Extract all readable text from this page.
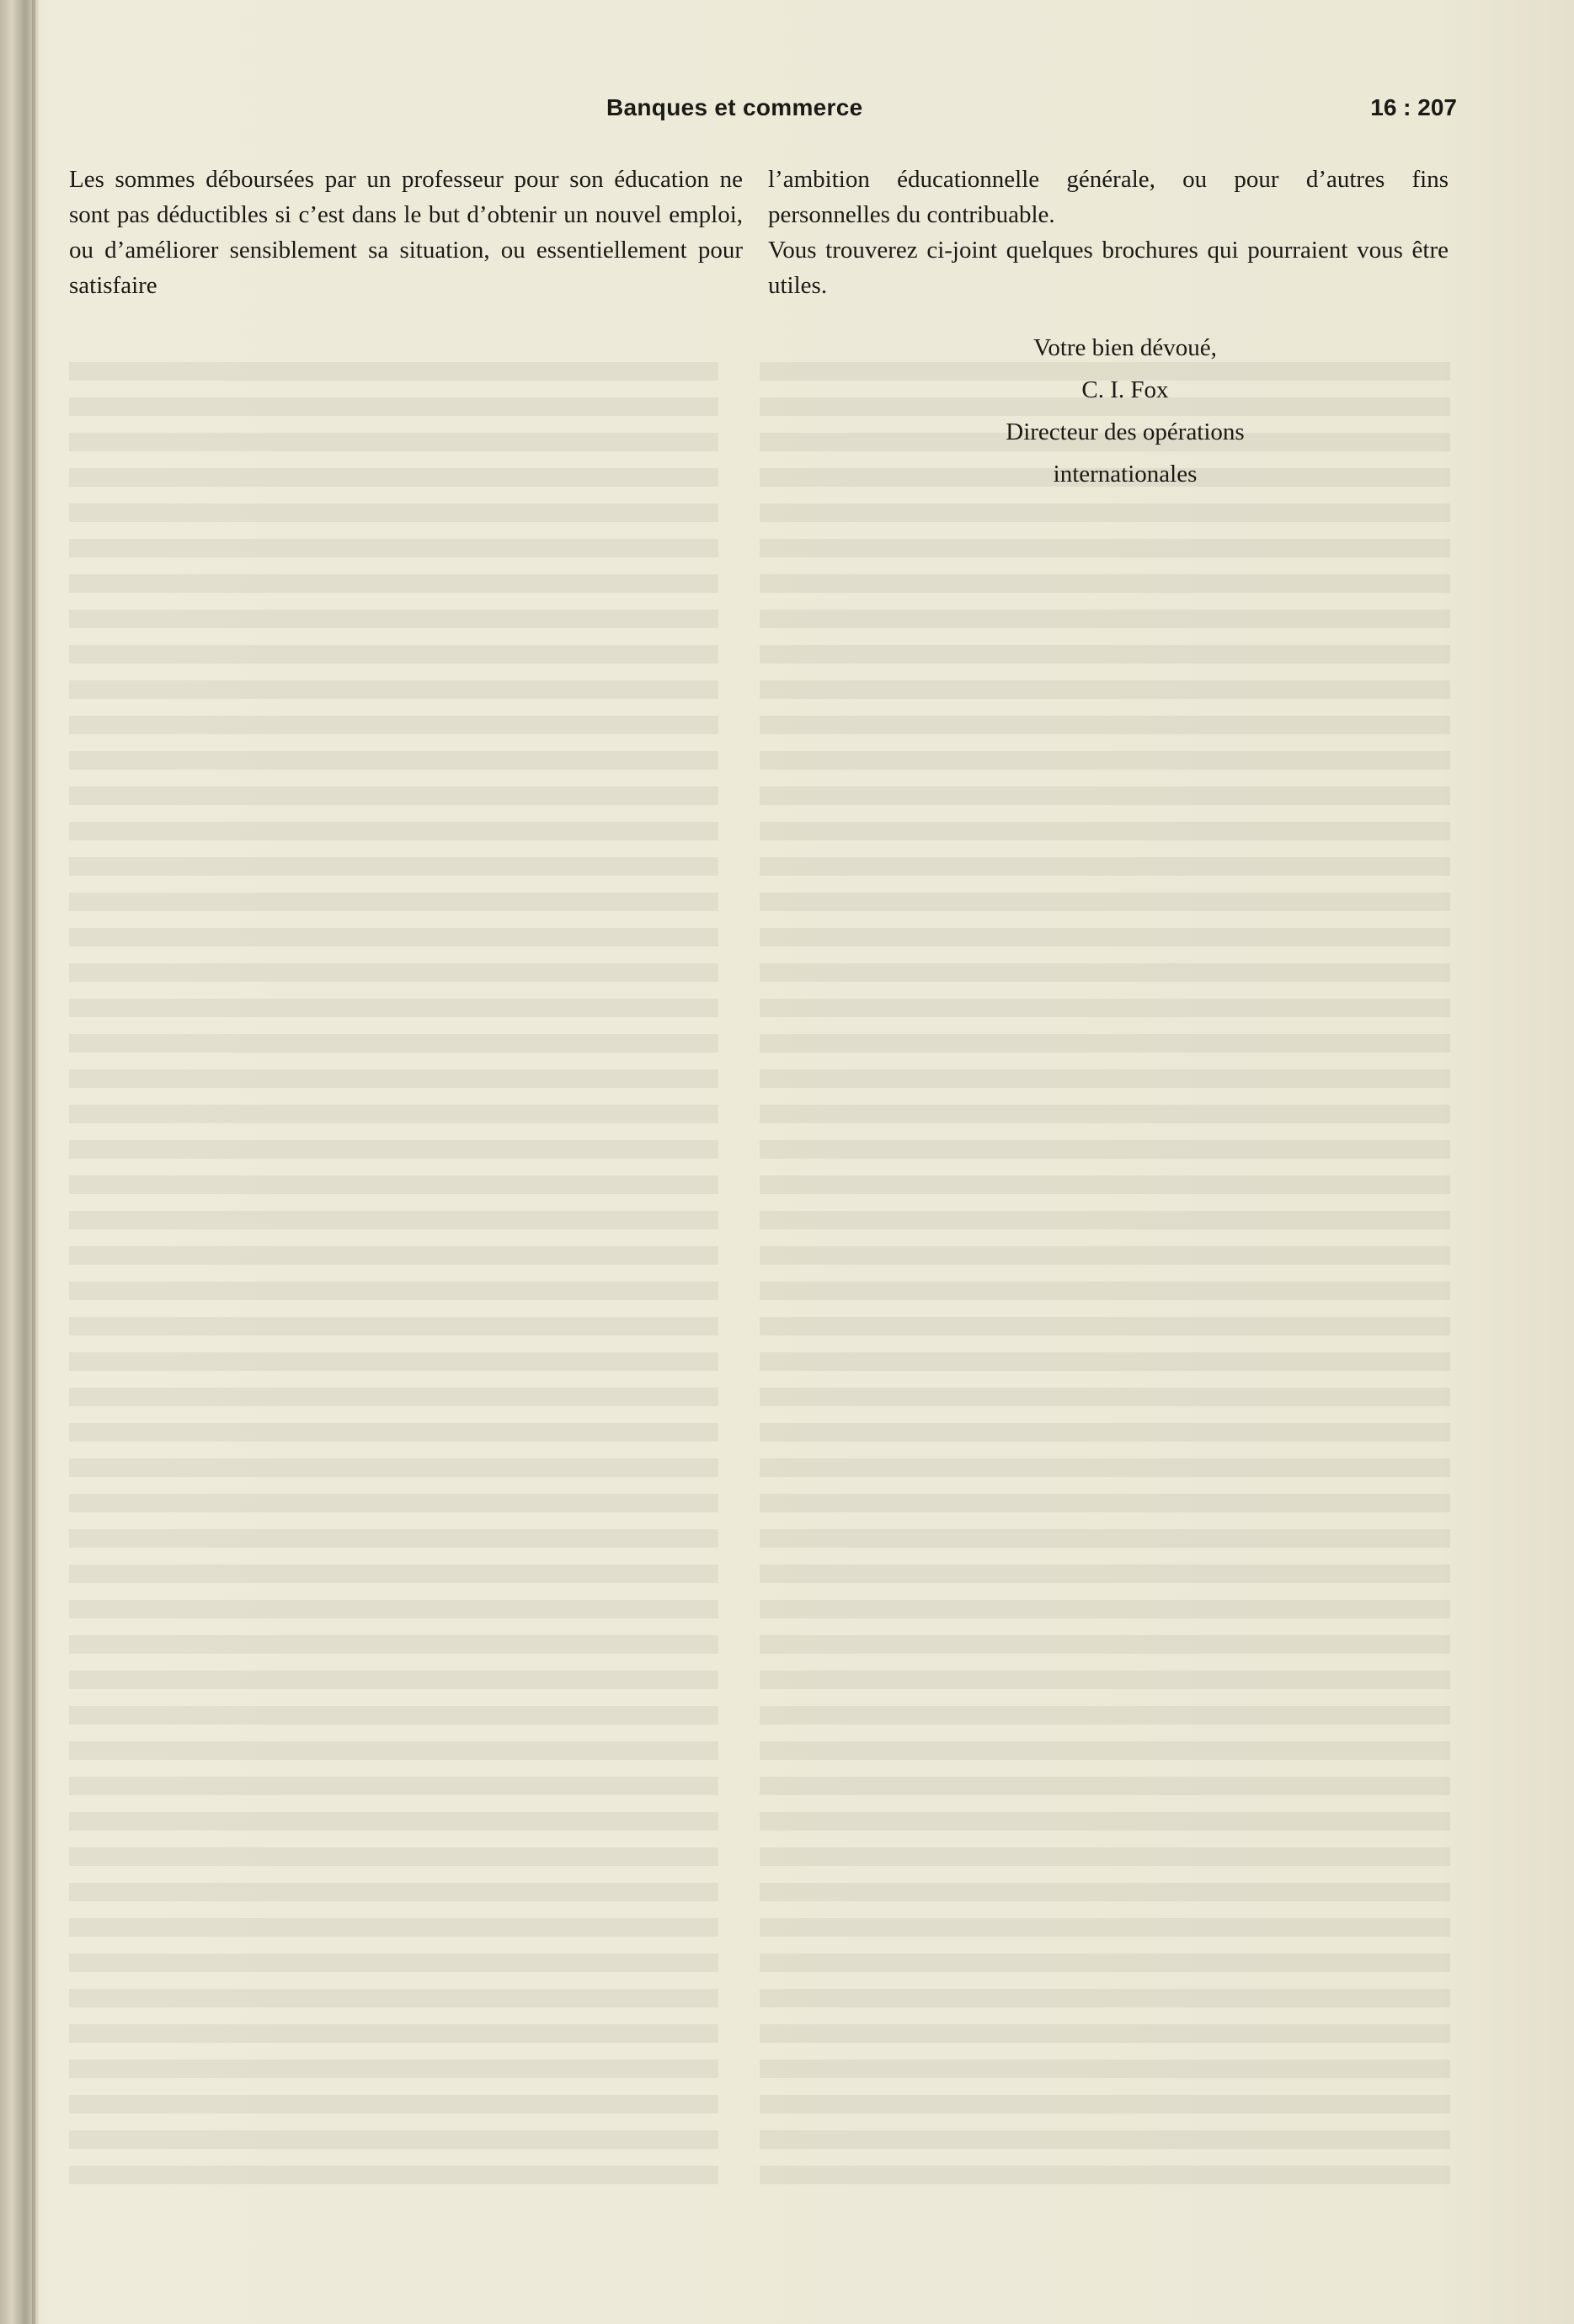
Banques et commerce	16 : 207

Les sommes déboursées par un professeur pour son éducation ne sont pas déductibles si c’est dans le but d’obtenir un nouvel emploi, ou d’améliorer sensiblement sa situation, ou essentiellement pour satisfaire

l’ambition éducationnelle générale, ou pour d’autres fins personnelles du contribuable.

Vous trouverez ci-joint quelques brochures qui pourraient vous être utiles.

Votre bien dévoué,
C. I. Fox
Directeur des opérations
internationales
